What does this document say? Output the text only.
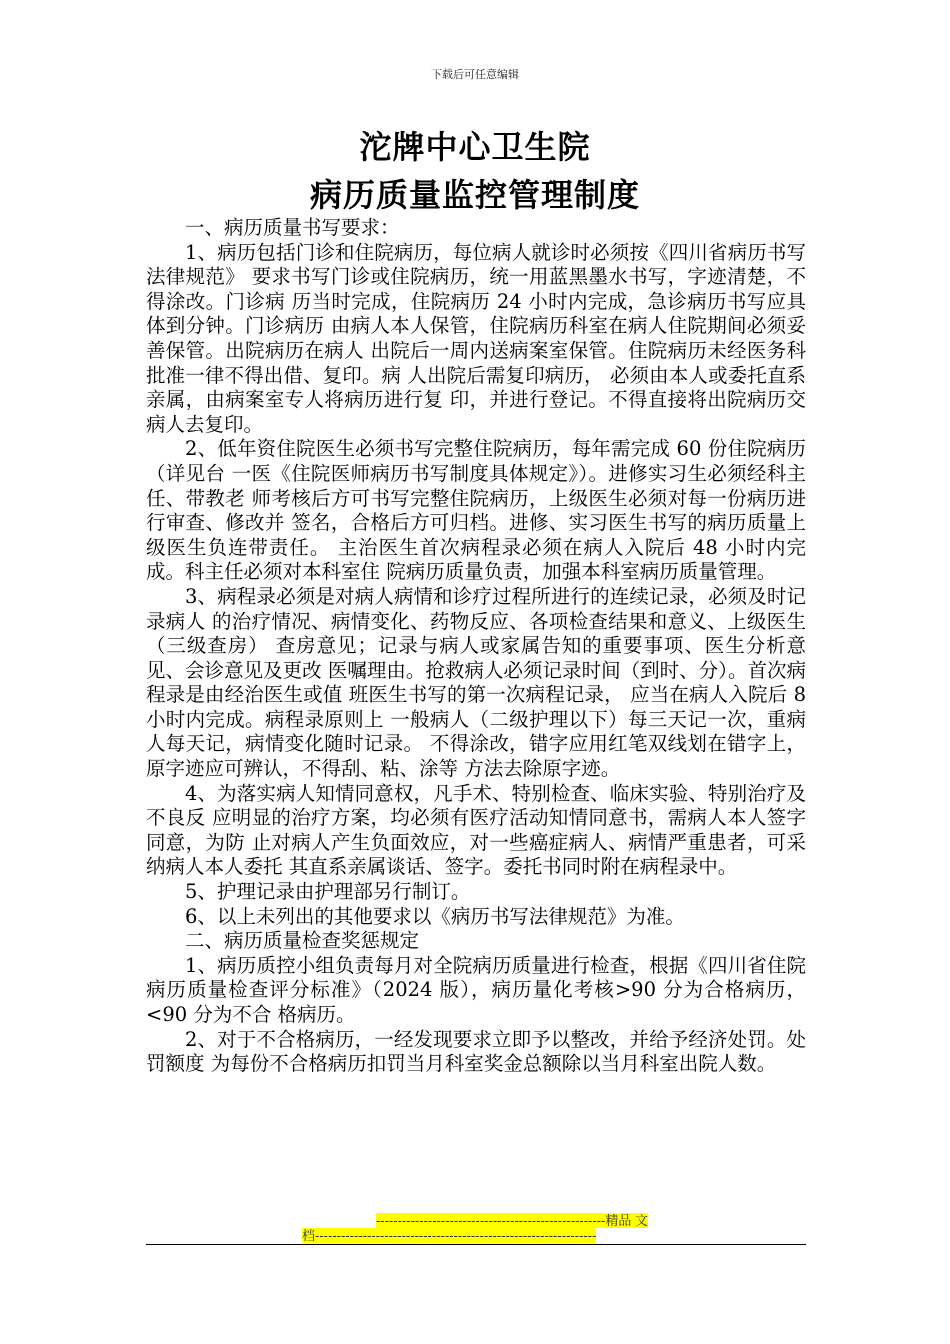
下载后可任意编辑
沱牌中心卫生院
病历质量监控管理制度

一、病历质量书写要求：

1、病历包括门诊和住院病历，每位病人就诊时必须按《四川省病历书写法律规范》 要求书写门诊或住院病历，统一用蓝黑墨水书写，字迹清楚，不得涂改。门诊病 历当时完成，住院病历 24 小时内完成，急诊病历书写应具体到分钟。门诊病历 由病人本人保管，住院病历科室在病人住院期间必须妥善保管。出院病历在病人 出院后一周内送病案室保管。住院病历未经医务科批准一律不得出借、复印。病 人出院后需复印病历， 必须由本人或委托直系亲属，由病案室专人将病历进行复 印，并进行登记。不得直接将出院病历交病人去复印。

2、低年资住院医生必须书写完整住院病历，每年需完成 60 份住院病历（详见台 一医《住院医师病历书写制度具体规定》）。进修实习生必须经科主任、带教老 师考核后方可书写完整住院病历，上级医生必须对每一份病历进行审查、修改并 签名，合格后方可归档。进修、实习医生书写的病历质量上级医生负连带责任。 主治医生首次病程录必须在病人入院后 48 小时内完成。科主任必须对本科室住 院病历质量负责，加强本科室病历质量管理。

3、病程录必须是对病人病情和诊疗过程所进行的连续记录，必须及时记录病人 的治疗情况、病情变化、药物反应、各项检查结果和意义、上级医生（三级查房） 查房意见；记录与病人或家属告知的重要事项、医生分析意见、会诊意见及更改 医嘱理由。抢救病人必须记录时间（到时、分）。首次病程录是由经治医生或值 班医生书写的第一次病程记录， 应当在病人入院后 8 小时内完成。病程录原则上 一般病人（二级护理以下）每三天记一次，重病人每天记，病情变化随时记录。 不得涂改，错字应用红笔双线划在错字上，原字迹应可辨认，不得刮、粘、涂等 方法去除原字迹。

4、为落实病人知情同意权，凡手术、特别检查、临床实验、特别治疗及不良反 应明显的治疗方案，均必须有医疗活动知情同意书，需病人本人签字同意，为防 止对病人产生负面效应，对一些癌症病人、病情严重患者，可采纳病人本人委托 其直系亲属谈话、签字。委托书同时附在病程录中。

5、护理记录由护理部另行制订。

6、以上未列出的其他要求以《病历书写法律规范》为准。

二、病历质量检查奖惩规定

1、病历质控小组负责每月对全院病历质量进行检查，根据《四川省住院病历质量检查评分标准》（2024 版），病历量化考核>90 分为合格病历，<90 分为不合 格病历。

2、对于不合格病历，一经发现要求立即予以整改，并给予经济处罚。处罚额度 为每份不合格病历扣罚当月科室奖金总额除以当月科室出院人数。

-----------------------------------------------------精品 文
档-----------------------------------------------------------------
